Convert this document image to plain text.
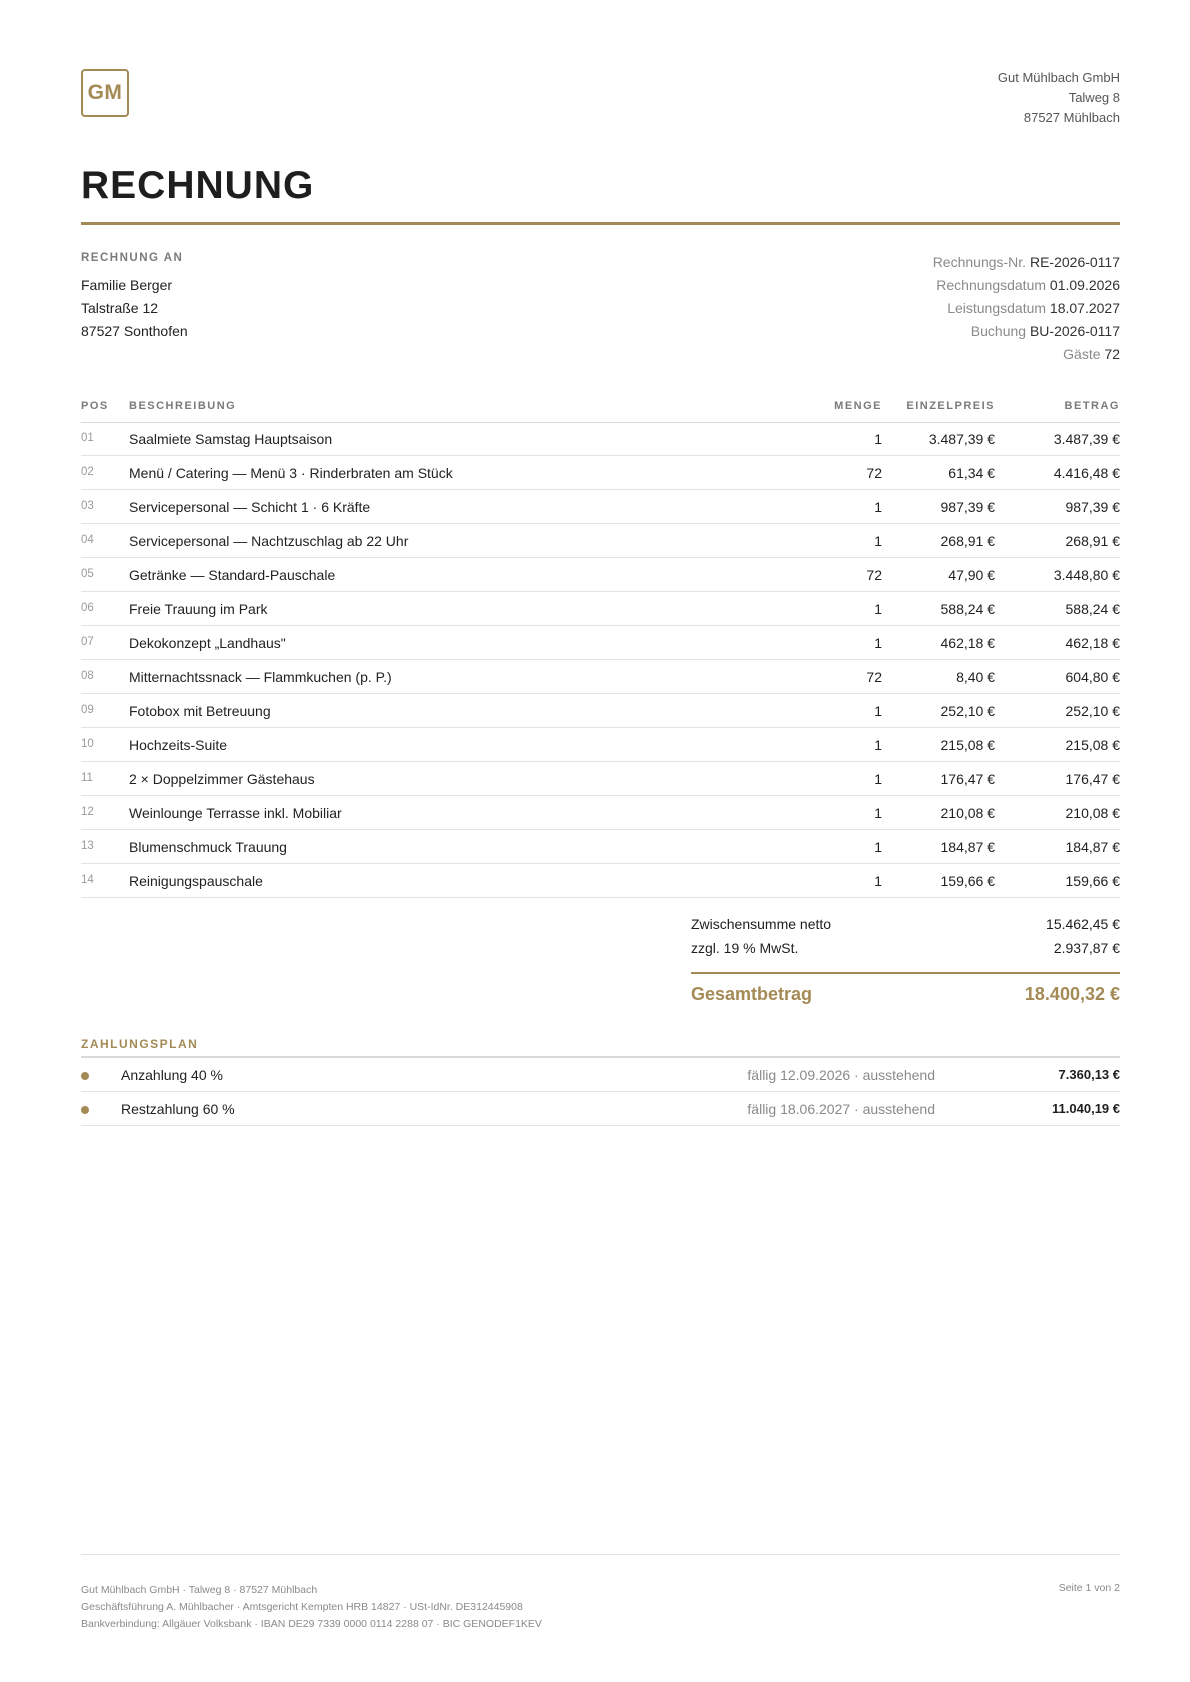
GM
Gut Mühlbach GmbH
Talweg 8
87527 Mühlbach
RECHNUNG
RECHNUNG AN
Familie Berger
Talstraße 12
87527 Sonthofen
Rechnungs-Nr. RE-2026-0117
Rechnungsdatum 01.09.2026
Leistungsdatum 18.07.2027
Buchung BU-2026-0117
Gäste 72
POS BESCHREIBUNG	MENGE EINZELPREIS	BETRAG
01	Saalmiete Samstag Hauptsaison	1	3.487,39 €	3.487,39 €
02	Menü / Catering — Menü 3 · Rinderbraten am Stück	72	61,34 €	4.416,48 €
03	Servicepersonal — Schicht 1 · 6 Kräfte	1	987,39 €	987,39 €
04	Servicepersonal — Nachtzuschlag ab 22 Uhr	1	268,91 €	268,91 €
05	Getränke — Standard-Pauschale	72	47,90 €	3.448,80 €
06	Freie Trauung im Park	1	588,24 €	588,24 €
07	Dekokonzept „Landhaus"	1	462,18 €	462,18 €
08	Mitternachtssnack — Flammkuchen (p. P.)	72	8,40 €	604,80 €
09	Fotobox mit Betreuung	1	252,10 €	252,10 €
10	Hochzeits-Suite	1	215,08 €	215,08 €
11	2 × Doppelzimmer Gästehaus	1	176,47 €	176,47 €
12	Weinlounge Terrasse inkl. Mobiliar	1	210,08 €	210,08 €
13	Blumenschmuck Trauung	1	184,87 €	184,87 €
14	Reinigungspauschale	1	159,66 €	159,66 €
Zwischensumme netto	15.462,45 €
zzgl. 19 % MwSt.	2.937,87 €
Gesamtbetrag	18.400,32 €
ZAHLUNGSPLAN
Anzahlung 40 %	fällig 12.09.2026 · ausstehend	7.360,13 €
Restzahlung 60 %	fällig 18.06.2027 · ausstehend	11.040,19 €
Gut Mühlbach GmbH · Talweg 8 · 87527 Mühlbach
Geschäftsführung A. Mühlbacher · Amtsgericht Kempten HRB 14827 · USt-IdNr. DE312445908
Bankverbindung: Allgäuer Volksbank · IBAN DE29 7339 0000 0114 2288 07 · BIC GENODEF1KEV
Seite 1 von 2
